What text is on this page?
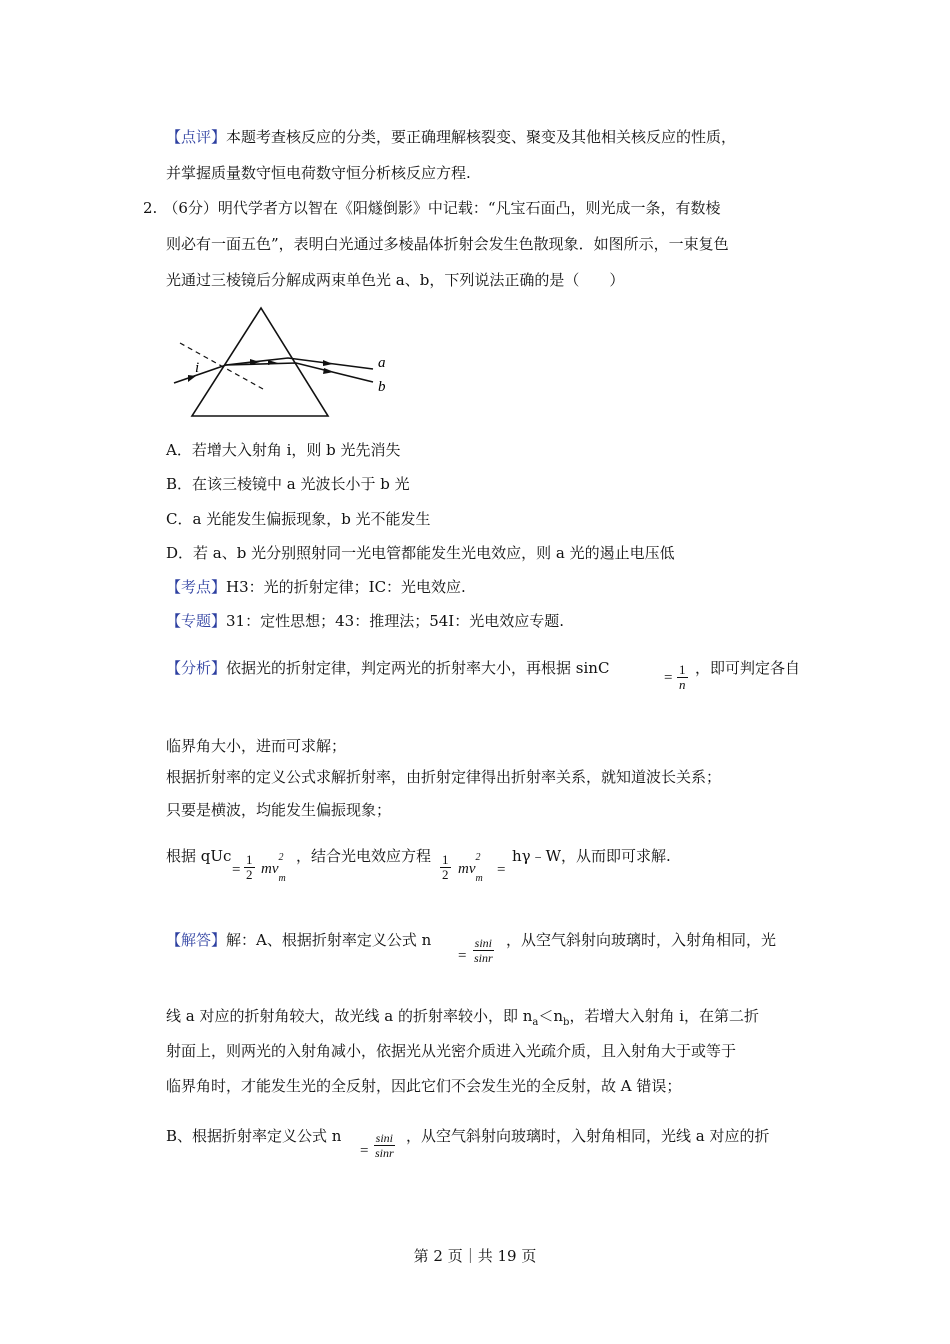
【点评】本题考查核反应的分类，要正确理解核裂变、聚变及其他相关核反应的性质，
并掌握质量数守恒电荷数守恒分析核反应方程.
2. （6分）明代学者方以智在《阳燧倒影》中记载：“凡宝石面凸，则光成一条，有数棱
则必有一面五色”，表明白光通过多棱晶体折射会发生色散现象．如图所示，一束复色
光通过三棱镜后分解成两束单色光 a、b，下列说法正确的是（　　）
i	a
b
A．若增大入射角 i，则 b 光先消失
B．在该三棱镜中 a 光波长小于 b 光
C．a 光能发生偏振现象，b 光不能发生
D．若 a、b 光分别照射同一光电管都能发生光电效应，则 a 光的遏止电压低
【考点】H3：光的折射定律；IC：光电效应.
【专题】31：定性思想；43：推理法；54I：光电效应专题.
【分析】依据光的折射定律，判定两光的折射率大小，再根据 sinC
= $\frac{1}{n}$ ，即可判定各自
临界角大小，进而可求解；
根据折射率的定义公式求解折射率，由折射定律得出折射率关系，就知道波长关系；
只要是横波，均能发生偏振现象；
根据 qUc
= $\frac{1}{2}$ mv
2
$_m$
，结合光电效应方程 $\frac{1}{2}$ mv
2
$_m$
=
hγ﹣W，从而即可求解.
【解答】解：A、根据折射率定义公式 n
= $\frac{\sin i}{\sin r}$ ，从空气斜射向玻璃时，入射角相同，光
线 a 对应的折射角较大，故光线 a 的折射率较小，即 $n_a<n_b$，若增大入射角 i，在第二折
射面上，则两光的入射角减小，依据光从光密介质进入光疏介质，且入射角大于或等于
临界角时，才能发生光的全反射，因此它们不会发生光的全反射，故 A 错误；
B、根据折射率定义公式 n
= $\frac{\sin i}{\sin r}$ ，从空气斜射向玻璃时，入射角相同，光线 a 对应的折
第 2 页｜共 19 页
